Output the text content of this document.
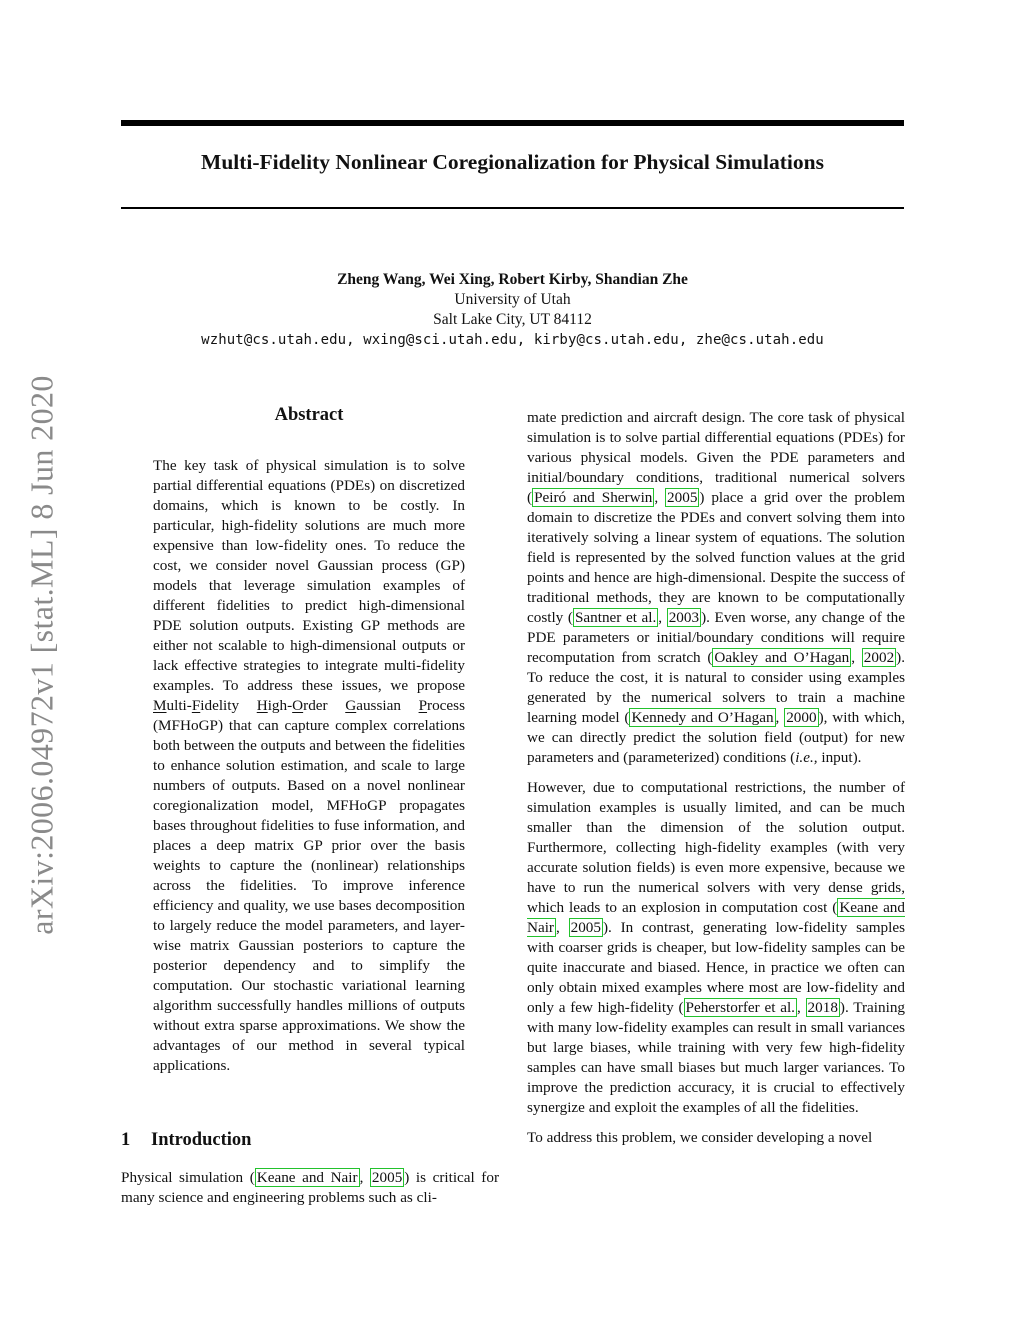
arXiv:2006.04972v1 [stat.ML] 8 Jun 2020
Multi-Fidelity Nonlinear Coregionalization for Physical Simulations
Zheng Wang, Wei Xing, Robert Kirby, Shandian Zhe
University of Utah
Salt Lake City, UT 84112
wzhut@cs.utah.edu, wxing@sci.utah.edu, kirby@cs.utah.edu, zhe@cs.utah.edu
Abstract
The key task of physical simulation is to solve partial differential equations (PDEs) on discretized domains, which is known to be costly. In particular, high-fidelity solutions are much more expensive than low-fidelity ones. To reduce the cost, we consider novel Gaussian process (GP) models that leverage simulation examples of different fidelities to predict high-dimensional PDE solution outputs. Existing GP methods are either not scalable to high-dimensional outputs or lack effective strategies to integrate multi-fidelity examples. To address these issues, we propose Multi-Fidelity High-Order Gaussian Process (MFHoGP) that can capture complex correlations both between the outputs and between the fidelities to enhance solution estimation, and scale to large numbers of outputs. Based on a novel nonlinear coregionalization model, MFHoGP propagates bases throughout fidelities to fuse information, and places a deep matrix GP prior over the basis weights to capture the (nonlinear) relationships across the fidelities. To improve inference efficiency and quality, we use bases decomposition to largely reduce the model parameters, and layer-wise matrix Gaussian posteriors to capture the posterior dependency and to simplify the computation. Our stochastic variational learning algorithm successfully handles millions of outputs without extra sparse approximations. We show the advantages of our method in several typical applications.
1 Introduction
Physical simulation ( Keane and Nair , 2005 ) is critical for many science and engineering problems such as cli-

mate prediction and aircraft design. The core task of physical simulation is to solve partial differential equations (PDEs) for various physical models. Given the PDE parameters and initial/boundary conditions, traditional numerical solvers ( Peiró and Sherwin , 2005 ) place a grid over the problem domain to discretize the PDEs and convert solving them into iteratively solving a linear system of equations. The solution field is represented by the solved function values at the grid points and hence are high-dimensional. Despite the success of traditional methods, they are known to be computationally costly ( Santner et al. , 2003 ). Even worse, any change of the PDE parameters or initial/boundary conditions will require recomputation from scratch ( Oakley and O’Hagan , 2002 ). To reduce the cost, it is natural to consider using examples generated by the numerical solvers to train a machine learning model ( Kennedy and O’Hagan , 2000 ), with which, we can directly predict the solution field (output) for new parameters and (parameterized) conditions (i.e., input).

However, due to computational restrictions, the number of simulation examples is usually limited, and can be much smaller than the dimension of the solution output. Furthermore, collecting high-fidelity examples (with very accurate solution fields) is even more expensive, because we have to run the numerical solvers with very dense grids, which leads to an explosion in computation cost ( Keane and Nair , 2005 ). In contrast, generating low-fidelity samples with coarser grids is cheaper, but low-fidelity samples can be quite inaccurate and biased. Hence, in practice we often can only obtain mixed examples where most are low-fidelity and only a few high-fidelity ( Peherstorfer et al. , 2018 ). Training with many low-fidelity examples can result in small variances but large biases, while training with very few high-fidelity samples can have small biases but much larger variances. To improve the prediction accuracy, it is crucial to effectively synergize and exploit the examples of all the fidelities.

To address this problem, we consider developing a novel
